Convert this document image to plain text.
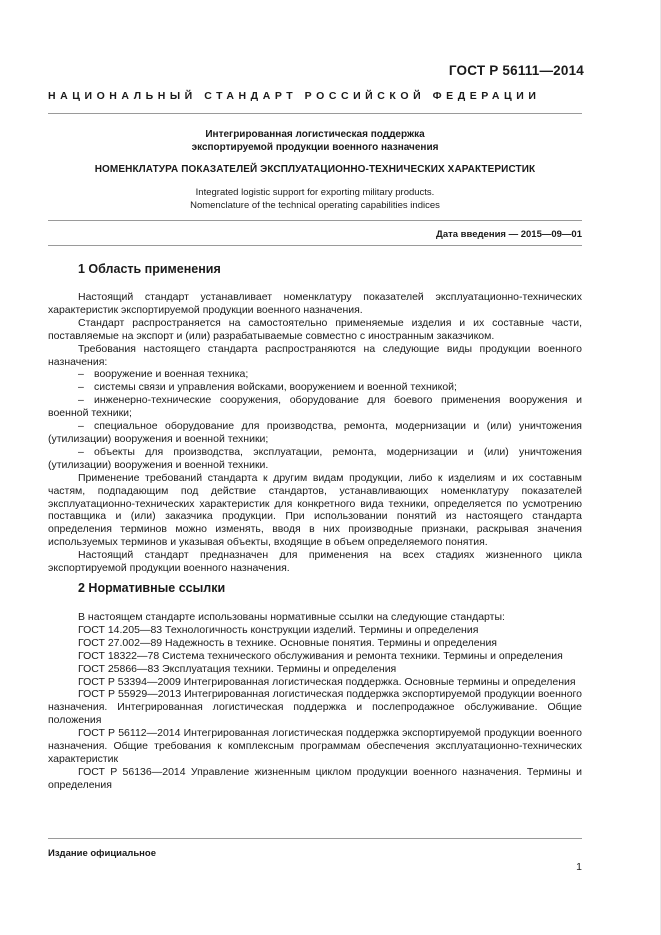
ГОСТ Р 56111—2014
НАЦИОНАЛЬНЫЙ СТАНДАРТ РОССИЙСКОЙ ФЕДЕРАЦИИ
Интегрированная логистическая поддержка
экспортируемой продукции военного назначения
НОМЕНКЛАТУРА ПОКАЗАТЕЛЕЙ ЭКСПЛУАТАЦИОННО-ТЕХНИЧЕСКИХ ХАРАКТЕРИСТИК
Integrated logistic support for exporting military products.
Nomenclature of the technical operating capabilities indices
Дата введения — 2015—09—01
1 Область применения

Настоящий стандарт устанавливает номенклатуру показателей эксплуатационно-технических характеристик экспортируемой продукции военного назначения.

Стандарт распространяется на самостоятельно применяемые изделия и их составные части, поставляемые на экспорт и (или) разрабатываемые совместно с иностранным заказчиком.

Требования настоящего стандарта распространяются на следующие виды продукции военного назначения:

– вооружение и военная техника;

– системы связи и управления войсками, вооружением и военной техникой;

– инженерно-технические сооружения, оборудование для боевого применения вооружения и военной техники;

– специальное оборудование для производства, ремонта, модернизации и (или) уничтожения (утилизации) вооружения и военной техники;

– объекты для производства, эксплуатации, ремонта, модернизации и (или) уничтожения (утилизации) вооружения и военной техники.

Применение требований стандарта к другим видам продукции, либо к изделиям и их составным частям, подпадающим под действие стандартов, устанавливающих номенклатуру показателей эксплуатационно-технических характеристик для конкретного вида техники, определяется по усмотрению поставщика и (или) заказчика продукции. При использовании понятий из настоящего стандарта определения терминов можно изменять, вводя в них производные признаки, раскрывая значения используемых терминов и указывая объекты, входящие в объем определяемого понятия.

Настоящий стандарт предназначен для применения на всех стадиях жизненного цикла экспортируемой продукции военного назначения.

2 Нормативные ссылки

В настоящем стандарте использованы нормативные ссылки на следующие стандарты:

ГОСТ 14.205—83 Технологичность конструкции изделий. Термины и определения

ГОСТ 27.002—89 Надежность в технике. Основные понятия. Термины и определения

ГОСТ 18322—78 Система технического обслуживания и ремонта техники. Термины и определения

ГОСТ 25866—83 Эксплуатация техники. Термины и определения

ГОСТ Р 53394—2009 Интегрированная логистическая поддержка. Основные термины и определения

ГОСТ Р 55929—2013 Интегрированная логистическая поддержка экспортируемой продукции военного назначения. Интегрированная логистическая поддержка и послепродажное обслуживание. Общие положения

ГОСТ Р 56112—2014 Интегрированная логистическая поддержка экспортируемой продукции военного назначения. Общие требования к комплексным программам обеспечения эксплуатационно-технических характеристик

ГОСТ Р 56136—2014 Управление жизненным циклом продукции военного назначения. Термины и определения

Издание официальное
1
